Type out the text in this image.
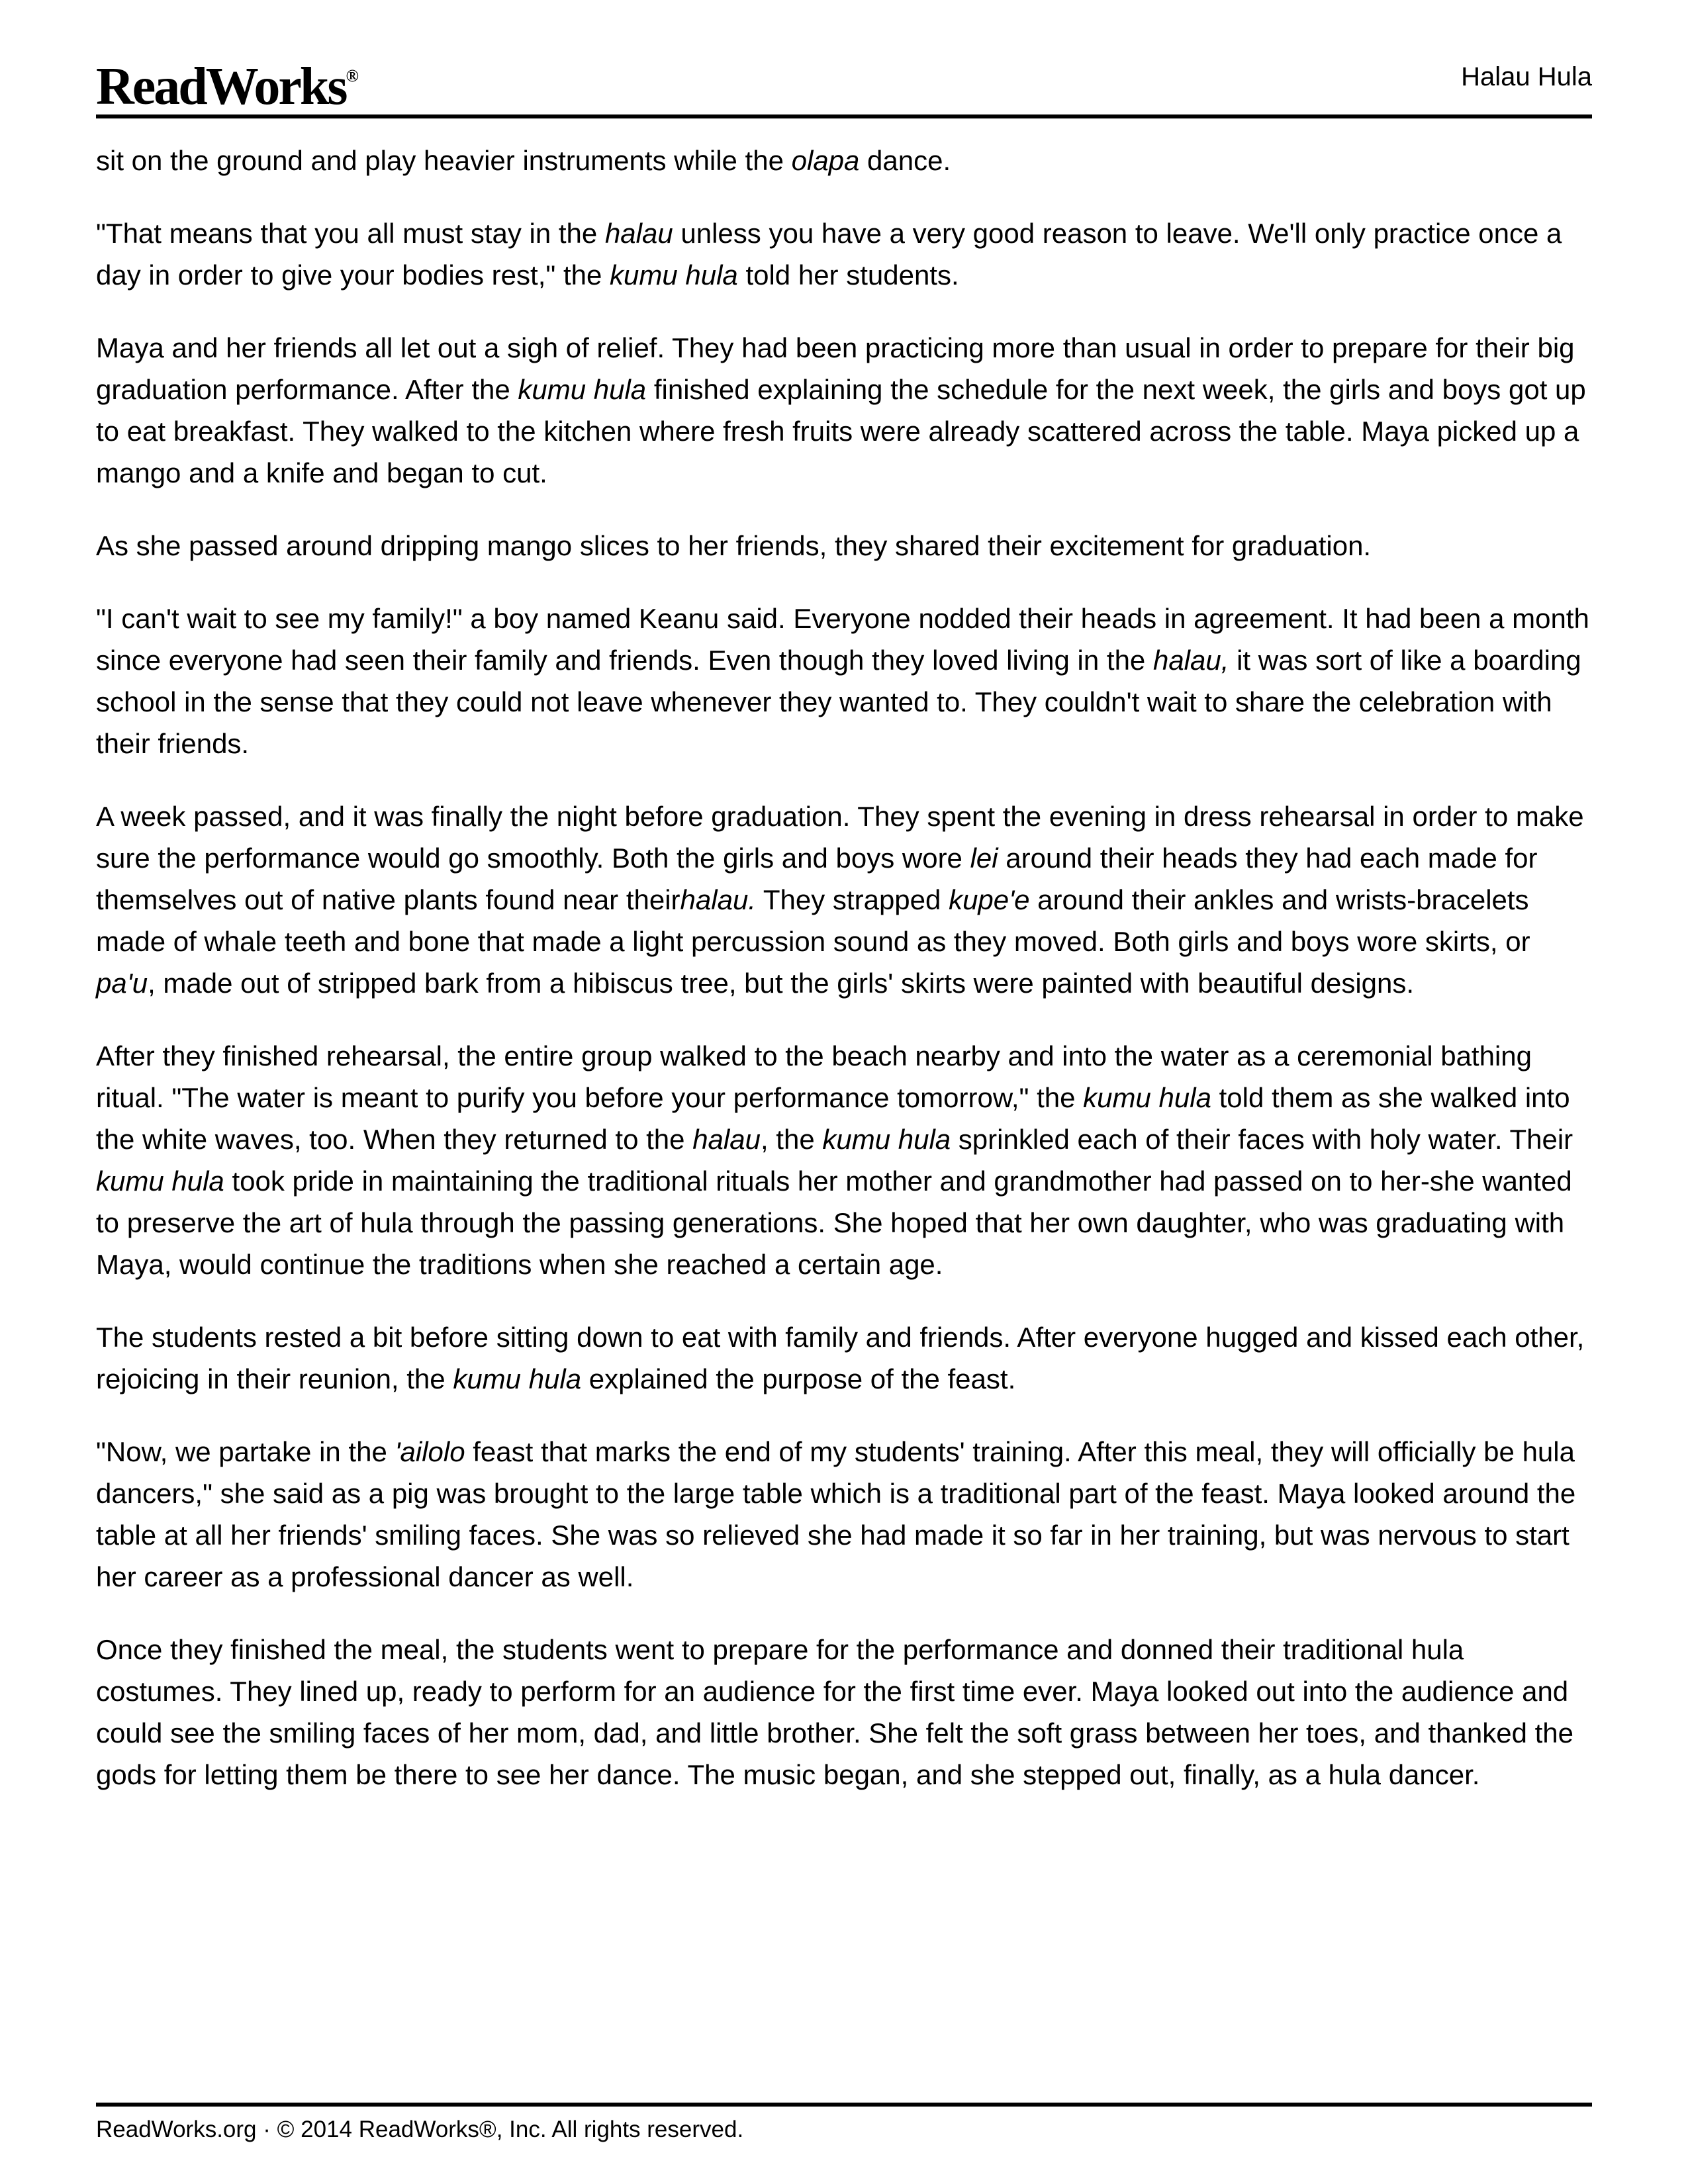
ReadWorks®	Halau Hula

sit on the ground and play heavier instruments while the olapa dance.

"That means that you all must stay in the halau unless you have a very good reason to leave. We'll only practice once a day in order to give your bodies rest," the kumu hula told her students.

Maya and her friends all let out a sigh of relief. They had been practicing more than usual in order to prepare for their big graduation performance. After the kumu hula finished explaining the schedule for the next week, the girls and boys got up to eat breakfast. They walked to the kitchen where fresh fruits were already scattered across the table. Maya picked up a mango and a knife and began to cut.

As she passed around dripping mango slices to her friends, they shared their excitement for graduation.

"I can't wait to see my family!" a boy named Keanu said. Everyone nodded their heads in agreement. It had been a month since everyone had seen their family and friends. Even though they loved living in the halau, it was sort of like a boarding school in the sense that they could not leave whenever they wanted to. They couldn't wait to share the celebration with their friends.

A week passed, and it was finally the night before graduation. They spent the evening in dress rehearsal in order to make sure the performance would go smoothly. Both the girls and boys wore lei around their heads they had each made for themselves out of native plants found near theirhalau. They strapped kupe'e around their ankles and wrists-bracelets made of whale teeth and bone that made a light percussion sound as they moved. Both girls and boys wore skirts, or pa'u, made out of stripped bark from a hibiscus tree, but the girls' skirts were painted with beautiful designs.

After they finished rehearsal, the entire group walked to the beach nearby and into the water as a ceremonial bathing ritual. "The water is meant to purify you before your performance tomorrow," the kumu hula told them as she walked into the white waves, too. When they returned to the halau, the kumu hula sprinkled each of their faces with holy water. Their kumu hula took pride in maintaining the traditional rituals her mother and grandmother had passed on to her-she wanted to preserve the art of hula through the passing generations. She hoped that her own daughter, who was graduating with Maya, would continue the traditions when she reached a certain age.

The students rested a bit before sitting down to eat with family and friends. After everyone hugged and kissed each other, rejoicing in their reunion, the kumu hula explained the purpose of the feast.

"Now, we partake in the 'ailolo feast that marks the end of my students' training. After this meal, they will officially be hula dancers," she said as a pig was brought to the large table which is a traditional part of the feast. Maya looked around the table at all her friends' smiling faces. She was so relieved she had made it so far in her training, but was nervous to start her career as a professional dancer as well.

Once they finished the meal, the students went to prepare for the performance and donned their traditional hula costumes. They lined up, ready to perform for an audience for the first time ever. Maya looked out into the audience and could see the smiling faces of her mom, dad, and little brother. She felt the soft grass between her toes, and thanked the gods for letting them be there to see her dance. The music began, and she stepped out, finally, as a hula dancer.

ReadWorks.org · © 2014 ReadWorks®, Inc. All rights reserved.
